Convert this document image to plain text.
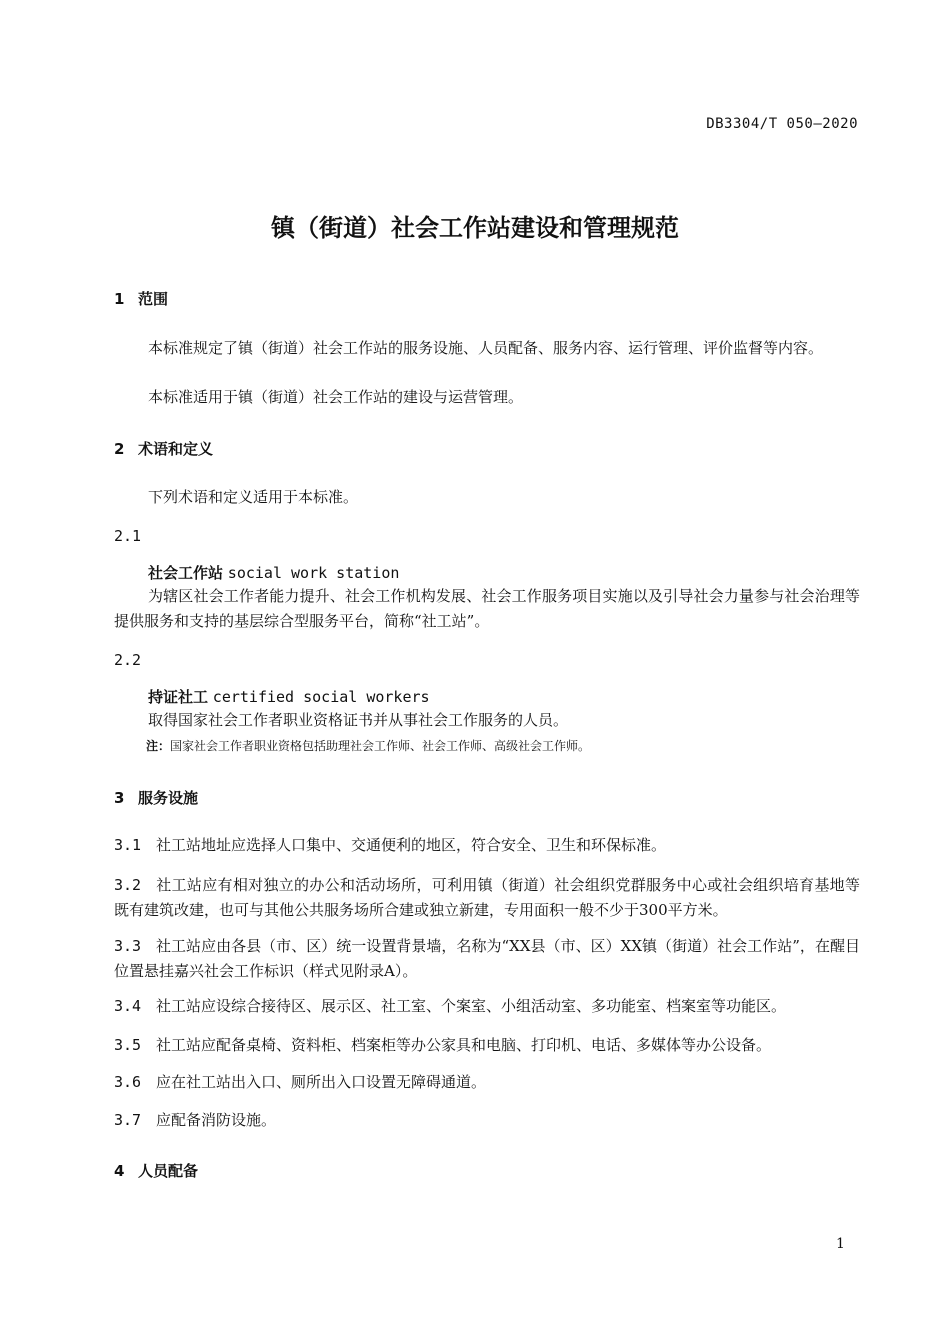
DB3304/T 050—2020
镇（街道）社会工作站建设和管理规范
1 范围
本标准规定了镇（街道）社会工作站的服务设施、人员配备、服务内容、运行管理、评价监督等内容。
本标准适用于镇（街道）社会工作站的建设与运营管理。
2 术语和定义
下列术语和定义适用于本标准。
2.1
社会工作站 social work station
为辖区社会工作者能力提升、社会工作机构发展、社会工作服务项目实施以及引导社会力量参与社会治理等提供服务和支持的基层综合型服务平台，简称“社工站”。
2.2
持证社工 certified social workers
取得国家社会工作者职业资格证书并从事社会工作服务的人员。
注：国家社会工作者职业资格包括助理社会工作师、社会工作师、高级社会工作师。
3 服务设施
3.1 社工站地址应选择人口集中、交通便利的地区，符合安全、卫生和环保标准。
3.2 社工站应有相对独立的办公和活动场所，可利用镇（街道）社会组织党群服务中心或社会组织培育基地等既有建筑改建，也可与其他公共服务场所合建或独立新建，专用面积一般不少于300平方米。
3.3 社工站应由各县（市、区）统一设置背景墙，名称为“XX县（市、区）XX镇（街道）社会工作站”，在醒目位置悬挂嘉兴社会工作标识（样式见附录A）。
3.4 社工站应设综合接待区、展示区、社工室、个案室、小组活动室、多功能室、档案室等功能区。
3.5 社工站应配备桌椅、资料柜、档案柜等办公家具和电脑、打印机、电话、多媒体等办公设备。
3.6 应在社工站出入口、厕所出入口设置无障碍通道。
3.7 应配备消防设施。
4 人员配备
1
